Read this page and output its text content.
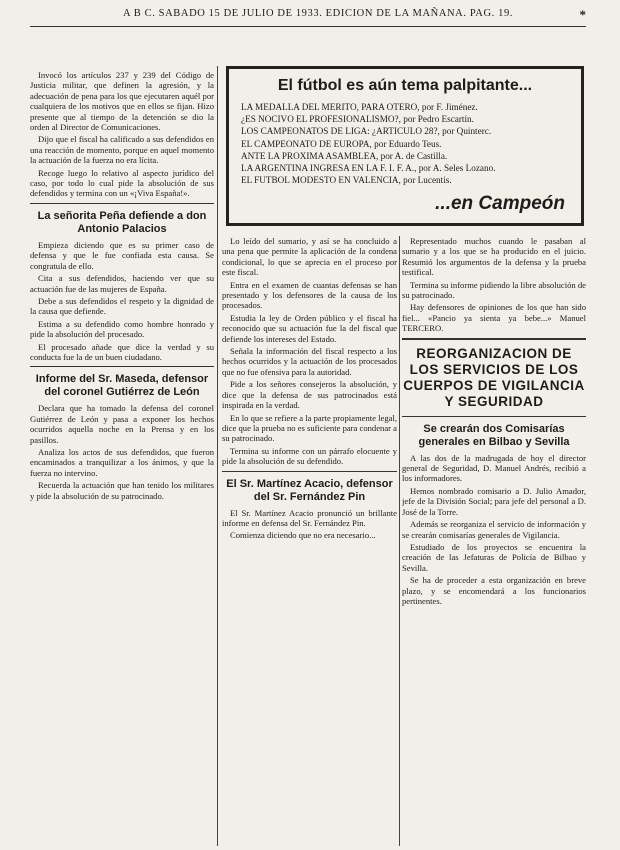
A B C. SABADO 15 DE JULIO DE 1933. EDICION DE LA MAÑANA. PAG. 19.	*
El fútbol es aún tema palpitante...
LA MEDALLA DEL MERITO, PARA OTERO, por F. Jiménez.
¿ES NOCIVO EL PROFESIONALISMO?, por Pedro Escartín.
LOS CAMPEONATOS DE LIGA: ¿ARTICULO 28?, por Quinterc.
EL CAMPEONATO DE EUROPA, por Eduardo Teus.
ANTE LA PROXIMA ASAMBLEA, por A. de Castilla.
LA ARGENTINA INGRESA EN LA F. I. F. A., por A. Seles Lozano.
EL FUTBOL MODESTO EN VALENCIA, por Lucentis.
...en Campeón

Invocó los artículos 237 y 239 del Código de Justicia militar, que definen la agresión, y la adecuación de pena para los que ejecutaren aquél por cualquiera de los motivos que en ellos se fijan. Hizo presente que al tiempo de la detención se dio la orden al Director de Comunicaciones.

Dijo que el fiscal ha calificado a sus defendidos en una reacción de momento, porque en aquel momento la actuación de la fuerza no era lícita.

Recoge luego lo relativo al aspecto jurídico del caso, por todo lo cual pide la absolución de sus defendidos y termina con un «¡Viva España!».

La señorita Peña defiende a don Antonio Palacios

Empieza diciendo que es su primer caso de defensa y que le fue confiada esta causa. Se congratula de ello.

Cita a sus defendidos, haciendo ver que su actuación fue de las mujeres de España.

Debe a sus defendidos el respeto y la dignidad de la causa que defiende.

Estima a su defendido como hombre honrado y pide la absolución del procesado.

El procesado añade que dice la verdad y su conducta fue la de un buen ciudadano.

Informe del Sr. Maseda, defensor del coronel Gutiérrez de León

Declara que ha tomado la defensa del coronel Gutiérrez de León y pasa a exponer los hechos ocurridos aquella noche en la Prensa y en los pasillos.

Analiza los actos de sus defendidos, que fueron encaminados a tranquilizar a los ánimos, y que la fuerza no intervino.

Recuerda la actuación que han tenido los militares y pide la absolución de su patrocinado.

Lo leído del sumario, y así se ha concluido a una pena que permite la aplicación de la condena condicional, lo que se aprecia en el proceso por este fiscal.

Entra en el examen de cuantas defensas se han presentado y los defensores de la causa de los procesados.

Estudia la ley de Orden público y el fiscal ha reconocido que su actuación fue la del fiscal que defiende los intereses del Estado.

Señala la información del fiscal respecto a los hechos ocurridos y la actuación de los procesados que no fue ofensiva para la autoridad.

Pide a los señores consejeros la absolución, y dice que la defensa de sus patrocinados está inspirada en la verdad.

En lo que se refiere a la parte propiamente legal, dice que la prueba no es suficiente para condenar a su patrocinado.

Termina su informe con un párrafo elocuente y pide la absolución de su defendido.

El Sr. Martínez Acacio, defensor del Sr. Fernández Pin

El Sr. Martínez Acacio pronunció un brillante informe en defensa del Sr. Fernández Pin.

Comienza diciendo que no era necesario...

Representado muchos cuando le pasaban al sumario y a los que se ha producido en el juicio. Resumió los argumentos de la defensa y la prueba testifical.

Termina su informe pidiendo la libre absolución de su patrocinado.

Hay defensores de opiniones de los que han sido fiel... «Pancio ya sienta ya bebe...» Manuel TERCERO.

REORGANIZACION DE LOS SERVICIOS DE LOS CUERPOS DE VIGILANCIA Y SEGURIDAD
Se crearán dos Comisarías generales en Bilbao y Sevilla

A las dos de la madrugada de hoy el director general de Seguridad, D. Manuel Andrés, recibió a los informadores.

Hemos nombrado comisario a D. Julio Amador, jefe de la División Social; para jefe del personal a D. José de la Torre.

Además se reorganiza el servicio de información y se crearán comisarías generales de Vigilancia.

Estudiado de los proyectos se encuentra la creación de las Jefaturas de Policía de Bilbao y Sevilla.

Se ha de proceder a esta organización en breve plazo, y se encomendará a los funcionarios pertinentes.
